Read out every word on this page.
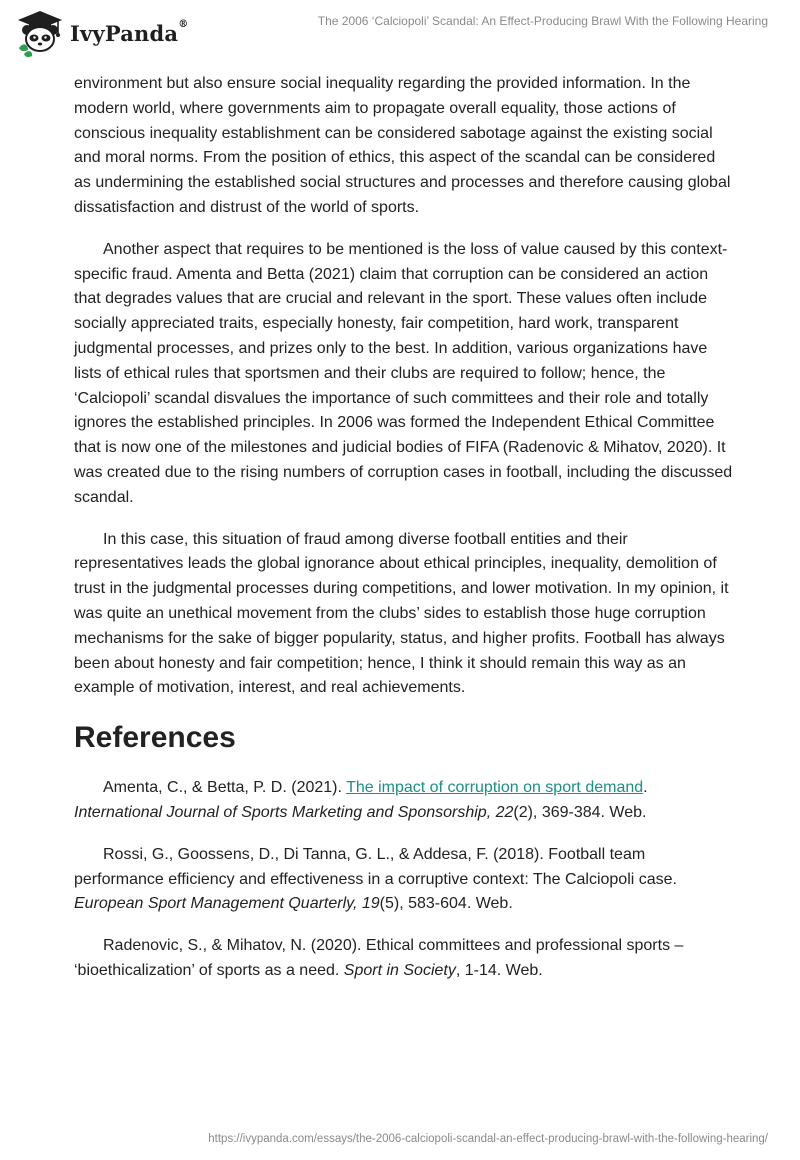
IvyPanda®	The 2006 ‘Calciopoli’ Scandal: An Effect-Producing Brawl With the Following Hearing

environment but also ensure social inequality regarding the provided information. In the modern world, where governments aim to propagate overall equality, those actions of conscious inequality establishment can be considered sabotage against the existing social and moral norms. From the position of ethics, this aspect of the scandal can be considered as undermining the established social structures and processes and therefore causing global dissatisfaction and distrust of the world of sports.

Another aspect that requires to be mentioned is the loss of value caused by this context-specific fraud. Amenta and Betta (2021) claim that corruption can be considered an action that degrades values that are crucial and relevant in the sport. These values often include socially appreciated traits, especially honesty, fair competition, hard work, transparent judgmental processes, and prizes only to the best. In addition, various organizations have lists of ethical rules that sportsmen and their clubs are required to follow; hence, the ‘Calciopoli’ scandal disvalues the importance of such committees and their role and totally ignores the established principles. In 2006 was formed the Independent Ethical Committee that is now one of the milestones and judicial bodies of FIFA (Radenovic & Mihatov, 2020). It was created due to the rising numbers of corruption cases in football, including the discussed scandal.

In this case, this situation of fraud among diverse football entities and their representatives leads the global ignorance about ethical principles, inequality, demolition of trust in the judgmental processes during competitions, and lower motivation. In my opinion, it was quite an unethical movement from the clubs’ sides to establish those huge corruption mechanisms for the sake of bigger popularity, status, and higher profits. Football has always been about honesty and fair competition; hence, I think it should remain this way as an example of motivation, interest, and real achievements.

References

Amenta, C., & Betta, P. D. (2021). The impact of corruption on sport demand. International Journal of Sports Marketing and Sponsorship, 22(2), 369-384. Web.

Rossi, G., Goossens, D., Di Tanna, G. L., & Addesa, F. (2018). Football team performance efficiency and effectiveness in a corruptive context: The Calciopoli case. European Sport Management Quarterly, 19(5), 583-604. Web.

Radenovic, S., & Mihatov, N. (2020). Ethical committees and professional sports – ‘bioethicalization’ of sports as a need. Sport in Society, 1-14. Web.

https://ivypanda.com/essays/the-2006-calciopoli-scandal-an-effect-producing-brawl-with-the-following-hearing/
